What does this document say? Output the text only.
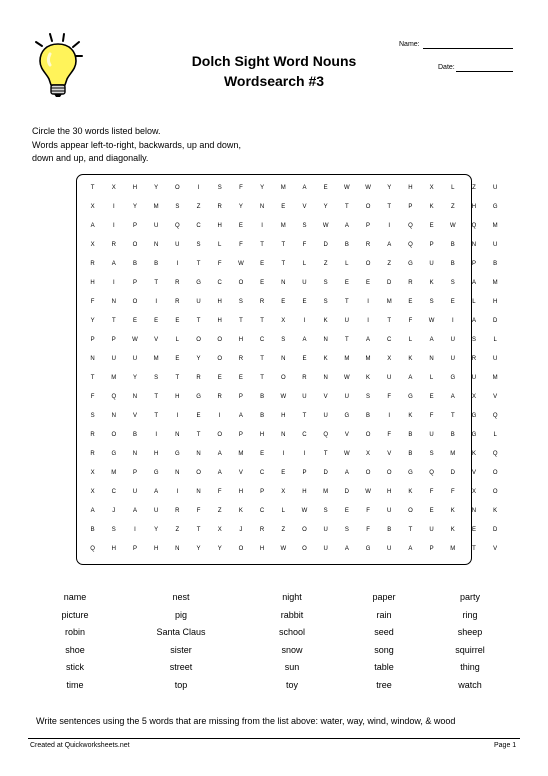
Dolch Sight Word Nouns
Wordsearch #3
Name:
Date:
Circle the 30 words listed below.
Words appear left-to-right, backwards, up and down,
down and up, and diagonally.
T	X	H	Y	O	I	S	F	Y	M	A	E	W	W	Y	H	X	L	Z	U
X	I	Y	M	S	Z	R	Y	N	E	V	Y	T	O	T	P	K	Z	H	G
A	I	P	U	Q	C	H	E	I	M	S	W	A	P	I	Q	E	W	Q	M
X	R	O	N	U	S	L	F	T	T	F	D	B	R	A	Q	P	B	N	U
R	A	B	B	I	T	F	W	E	T	L	Z	L	O	Z	G	U	B	P	B
H	I	P	T	R	G	C	O	E	N	U	S	E	E	D	R	K	S	A	M
F	N	O	I	R	U	H	S	R	E	E	S	T	I	M	E	S	E	L	H
Y	T	E	E	E	T	H	T	T	X	I	K	U	I	T	F	W	I	A	D
P	P	W	V	L	O	O	H	C	S	A	N	T	A	C	L	A	U	S	L
N	U	U	M	E	Y	O	R	T	N	E	K	M	M	X	K	N	U	R	U
T	M	Y	S	T	R	E	E	T	O	R	N	W	K	U	A	L	G	U	M
F	Q	N	T	H	G	R	P	B	W	U	V	U	S	F	G	E	A	X	V
S	N	V	T	I	E	I	A	B	H	T	U	G	B	I	K	F	T	G	Q
R	O	B	I	N	T	O	P	H	N	C	Q	V	O	F	B	U	B	G	L
R	G	N	H	G	N	A	M	E	I	I	T	W	X	V	B	S	M	K	Q
X	M	P	G	N	O	A	V	C	E	P	D	A	O	O	G	Q	D	V	O
X	C	U	A	I	N	F	H	P	X	H	M	D	W	H	K	F	F	X	O
A	J	A	U	R	F	Z	K	C	L	W	S	E	F	U	O	E	K	N	K
B	S	I	Y	Z	T	X	J	R	Z	O	U	S	F	B	T	U	K	E	D
Q	H	P	H	N	Y	Y	O	H	W	O	U	A	G	U	A	P	M	T	V
name	nest	night	paper	party
picture	pig	rabbit	rain	ring
robin	Santa Claus	school	seed	sheep
shoe	sister	snow	song	squirrel
stick	street	sun	table	thing
time	top	toy	tree	watch
Write sentences using the 5 words that are missing from the list above: water, way, wind, window, & wood
Created at Quickworksheets.net	Page 1
